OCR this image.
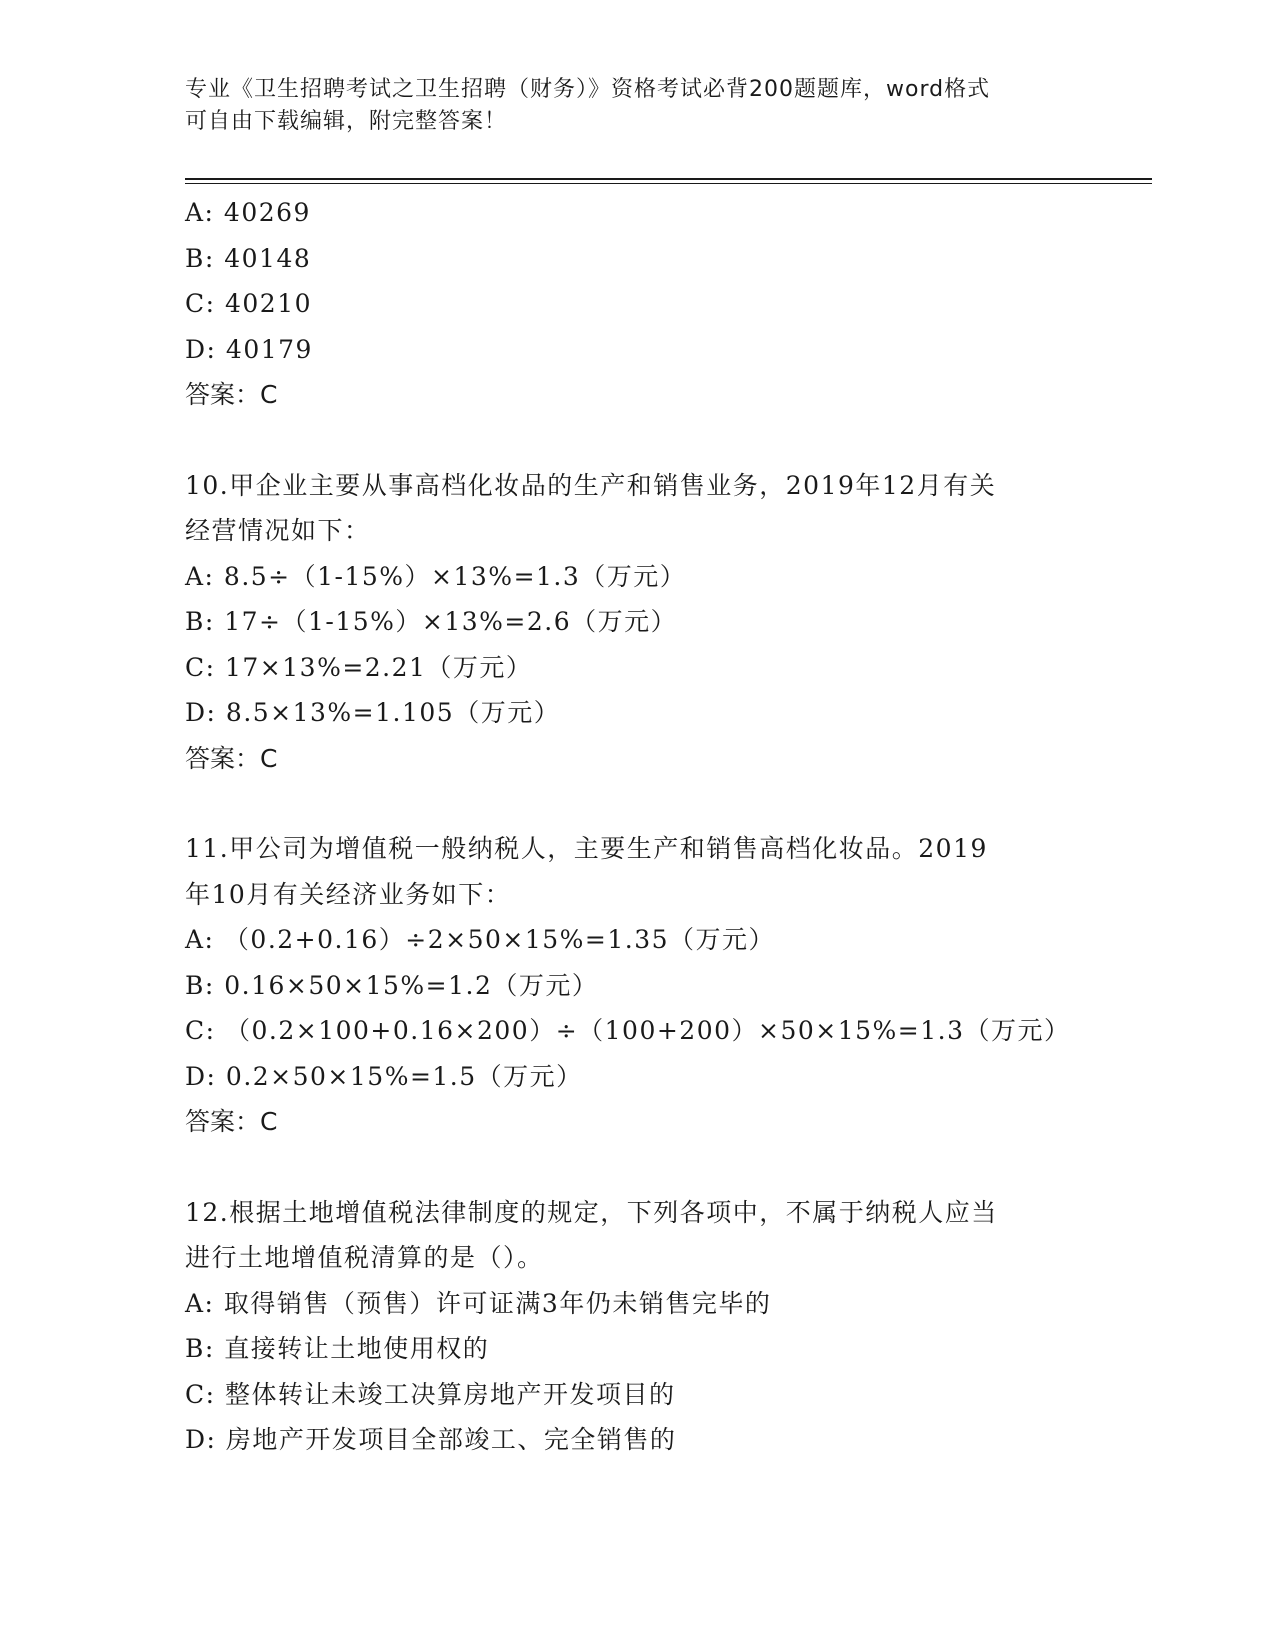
专业《卫生招聘考试之卫生招聘（财务）》资格考试必背200题题库，word格式
可自由下载编辑，附完整答案！
A: 40269
B: 40148
C: 40210
D: 40179
答案：C
10.甲企业主要从事高档化妆品的生产和销售业务，2019年12月有关
经营情况如下：
A: 8.5÷（1-15%）×13%=1.3（万元）
B: 17÷（1-15%）×13%=2.6（万元）
C: 17×13%=2.21（万元）
D: 8.5×13%=1.105（万元）
答案：C
11.甲公司为增值税一般纳税人，主要生产和销售高档化妆品。2019
年10月有关经济业务如下：
A: （0.2+0.16）÷2×50×15%=1.35（万元）
B: 0.16×50×15%=1.2（万元）
C: （0.2×100+0.16×200）÷（100+200）×50×15%=1.3（万元）
D: 0.2×50×15%=1.5（万元）
答案：C
12.根据土地增值税法律制度的规定，下列各项中，不属于纳税人应当
进行土地增值税清算的是（）。
A: 取得销售（预售）许可证满3年仍未销售完毕的
B: 直接转让土地使用权的
C: 整体转让未竣工决算房地产开发项目的
D: 房地产开发项目全部竣工、完全销售的
